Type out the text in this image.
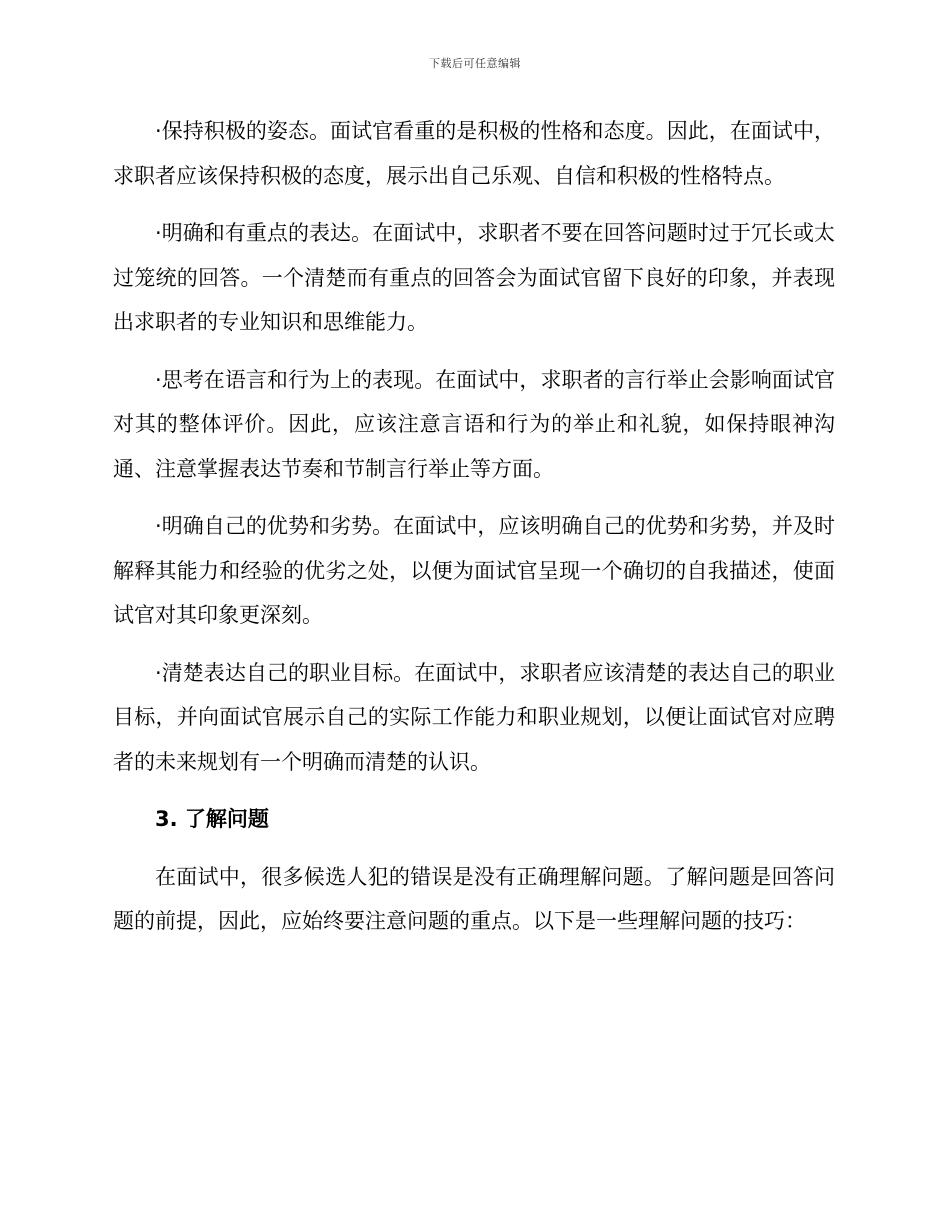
下载后可任意编辑

·保持积极的姿态。面试官看重的是积极的性格和态度。因此，在面试中，求职者应该保持积极的态度，展示出自己乐观、自信和积极的性格特点。

·明确和有重点的表达。在面试中，求职者不要在回答问题时过于冗长或太过笼统的回答。一个清楚而有重点的回答会为面试官留下良好的印象，并表现出求职者的专业知识和思维能力。

·思考在语言和行为上的表现。在面试中，求职者的言行举止会影响面试官对其的整体评价。因此，应该注意言语和行为的举止和礼貌，如保持眼神沟通、注意掌握表达节奏和节制言行举止等方面。

·明确自己的优势和劣势。在面试中，应该明确自己的优势和劣势，并及时解释其能力和经验的优劣之处，以便为面试官呈现一个确切的自我描述，使面试官对其印象更深刻。

·清楚表达自己的职业目标。在面试中，求职者应该清楚的表达自己的职业目标，并向面试官展示自己的实际工作能力和职业规划，以便让面试官对应聘者的未来规划有一个明确而清楚的认识。

3. 了解问题

在面试中，很多候选人犯的错误是没有正确理解问题。了解问题是回答问题的前提，因此，应始终要注意问题的重点。以下是一些理解问题的技巧：
